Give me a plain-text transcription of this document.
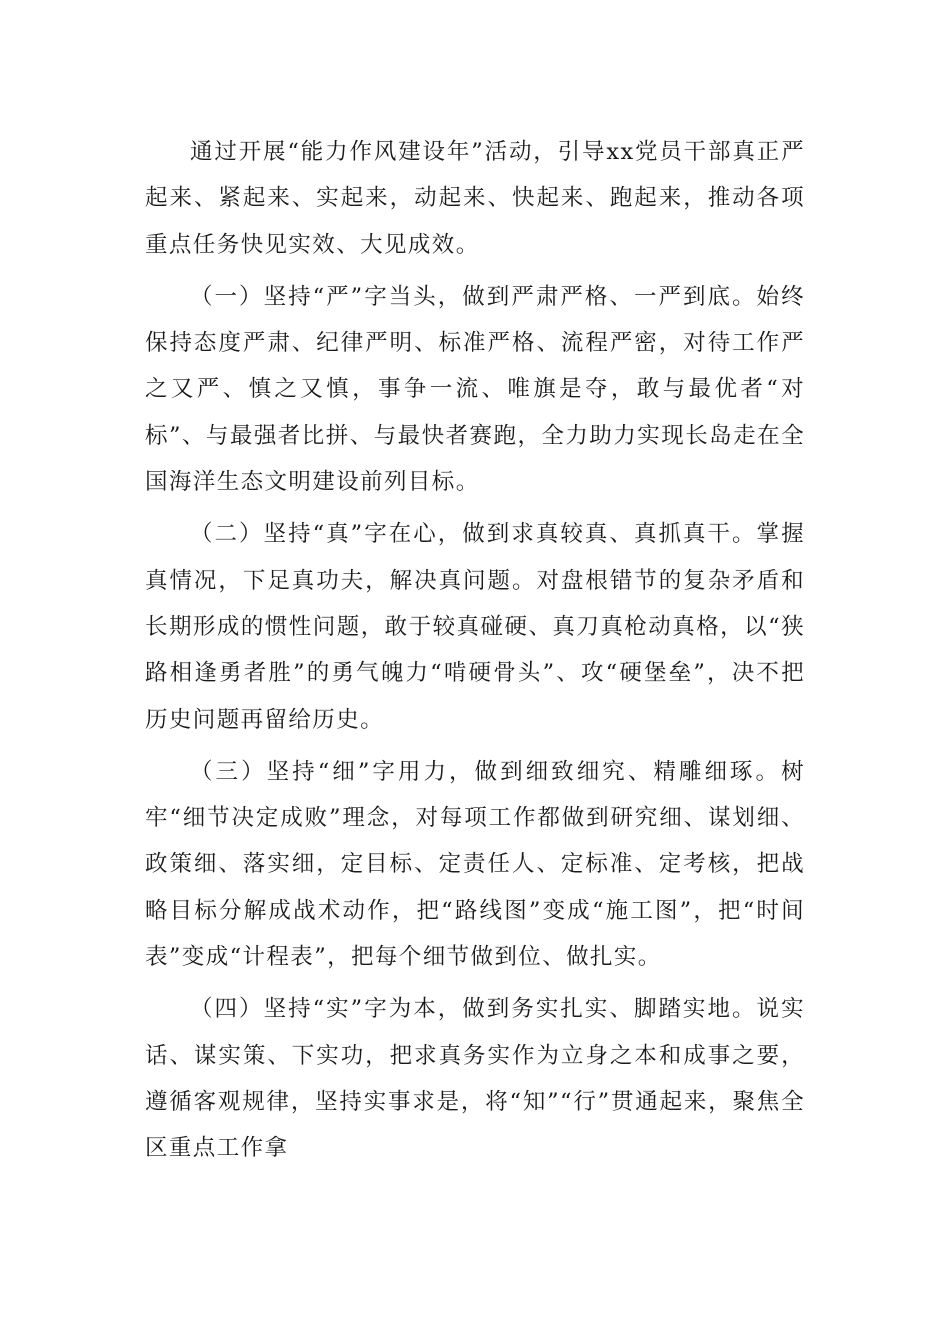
通过开展“能力作风建设年”活动，引导xx党员干部真正严起来、紧起来、实起来，动起来、快起来、跑起来，推动各项重点任务快见实效、大见成效。

（一）坚持“严”字当头，做到严肃严格、一严到底。始终保持态度严肃、纪律严明、标准严格、流程严密，对待工作严之又严、慎之又慎，事争一流、唯旗是夺，敢与最优者“对标”、与最强者比拼、与最快者赛跑，全力助力实现长岛走在全国海洋生态文明建设前列目标。

（二）坚持“真”字在心，做到求真较真、真抓真干。掌握真情况，下足真功夫，解决真问题。对盘根错节的复杂矛盾和长期形成的惯性问题，敢于较真碰硬、真刀真枪动真格，以“狭路相逢勇者胜”的勇气魄力“啃硬骨头”、攻“硬堡垒”，决不把历史问题再留给历史。

（三）坚持“细”字用力，做到细致细究、精雕细琢。树牢“细节决定成败”理念，对每项工作都做到研究细、谋划细、政策细、落实细，定目标、定责任人、定标准、定考核，把战略目标分解成战术动作，把“路线图”变成“施工图”，把“时间表”变成“计程表”，把每个细节做到位、做扎实。

（四）坚持“实”字为本，做到务实扎实、脚踏实地。说实话、谋实策、下实功，把求真务实作为立身之本和成事之要，遵循客观规律，坚持实事求是，将“知”“行”贯通起来，聚焦全区重点工作拿
